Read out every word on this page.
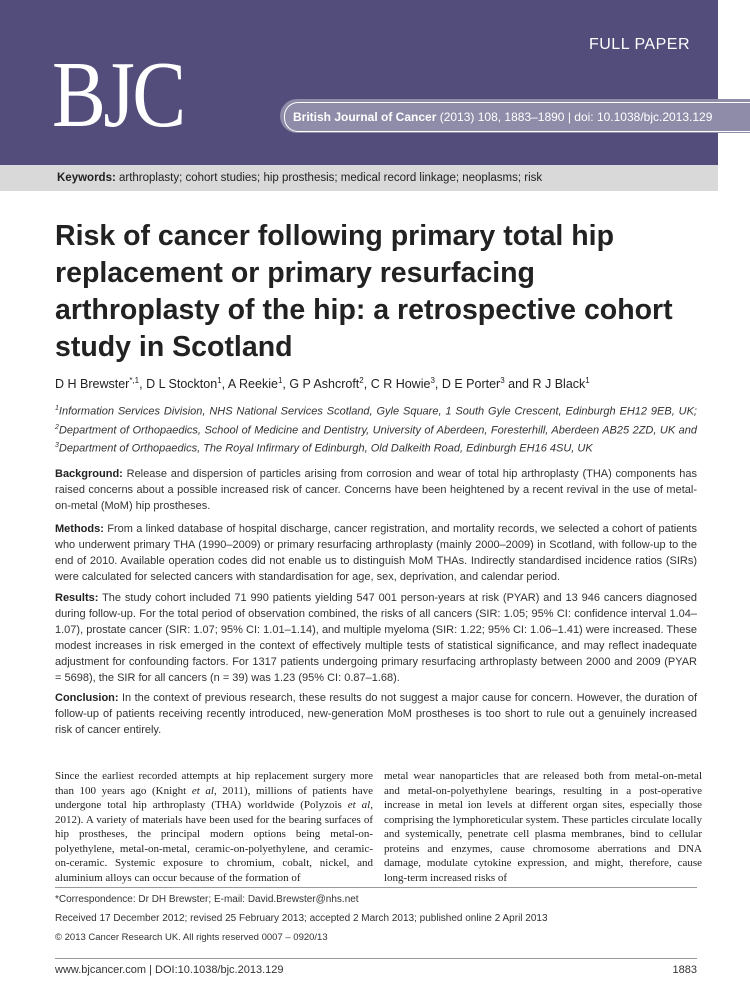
BJC	FULL PAPER
British Journal of Cancer (2013) 108, 1883–1890 | doi: 10.1038/bjc.2013.129
Keywords: arthroplasty; cohort studies; hip prosthesis; medical record linkage; neoplasms; risk
Risk of cancer following primary total hip replacement or primary resurfacing arthroplasty of the hip: a retrospective cohort study in Scotland
D H Brewster$^{*,1}$, D L Stockton$^1$, A Reekie$^1$, G P Ashcroft$^2$, C R Howie$^3$, D E Porter$^3$ and R J Black$^1$
$^1$Information Services Division, NHS National Services Scotland, Gyle Square, 1 South Gyle Crescent, Edinburgh EH12 9EB, UK; $^2$Department of Orthopaedics, School of Medicine and Dentistry, University of Aberdeen, Foresterhill, Aberdeen AB25 2ZD, UK and $^3$Department of Orthopaedics, The Royal Infirmary of Edinburgh, Old Dalkeith Road, Edinburgh EH16 4SU, UK

Background: Release and dispersion of particles arising from corrosion and wear of total hip arthroplasty (THA) components has raised concerns about a possible increased risk of cancer. Concerns have been heightened by a recent revival in the use of metal-on-metal (MoM) hip prostheses.

Methods: From a linked database of hospital discharge, cancer registration, and mortality records, we selected a cohort of patients who underwent primary THA (1990–2009) or primary resurfacing arthroplasty (mainly 2000–2009) in Scotland, with follow-up to the end of 2010. Available operation codes did not enable us to distinguish MoM THAs. Indirectly standardised incidence ratios (SIRs) were calculated for selected cancers with standardisation for age, sex, deprivation, and calendar period.

Results: The study cohort included 71 990 patients yielding 547 001 person-years at risk (PYAR) and 13 946 cancers diagnosed during follow-up. For the total period of observation combined, the risks of all cancers (SIR: 1.05; 95% CI: confidence interval 1.04–1.07), prostate cancer (SIR: 1.07; 95% CI: 1.01–1.14), and multiple myeloma (SIR: 1.22; 95% CI: 1.06–1.41) were increased. These modest increases in risk emerged in the context of effectively multiple tests of statistical significance, and may reflect inadequate adjustment for confounding factors. For 1317 patients undergoing primary resurfacing arthroplasty between 2000 and 2009 (PYAR = 5698), the SIR for all cancers (n = 39) was 1.23 (95% CI: 0.87–1.68).

Conclusion: In the context of previous research, these results do not suggest a major cause for concern. However, the duration of follow-up of patients receiving recently introduced, new-generation MoM prostheses is too short to rule out a genuinely increased risk of cancer entirely.

Since the earliest recorded attempts at hip replacement surgery more than 100 years ago (Knight et al, 2011), millions of patients have undergone total hip arthroplasty (THA) worldwide (Polyzois et al, 2012). A variety of materials have been used for the bearing surfaces of hip prostheses, the principal modern options being metal-on-polyethylene, metal-on-metal, ceramic-on-polyethylene, and ceramic-on-ceramic. Systemic exposure to chromium, cobalt, nickel, and aluminium alloys can occur because of the formation of

metal wear nanoparticles that are released both from metal-on-metal and metal-on-polyethylene bearings, resulting in a post-operative increase in metal ion levels at different organ sites, especially those comprising the lymphoreticular system. These particles circulate locally and systemically, penetrate cell plasma membranes, bind to cellular proteins and enzymes, cause chromosome aberrations and DNA damage, modulate cytokine expression, and might, therefore, cause long-term increased risks of

*Correspondence: Dr DH Brewster; E-mail: David.Brewster@nhs.net
Received 17 December 2012; revised 25 February 2013; accepted 2 March 2013; published online 2 April 2013
© 2013 Cancer Research UK. All rights reserved 0007 – 0920/13
www.bjcancer.com | DOI:10.1038/bjc.2013.129	1883
